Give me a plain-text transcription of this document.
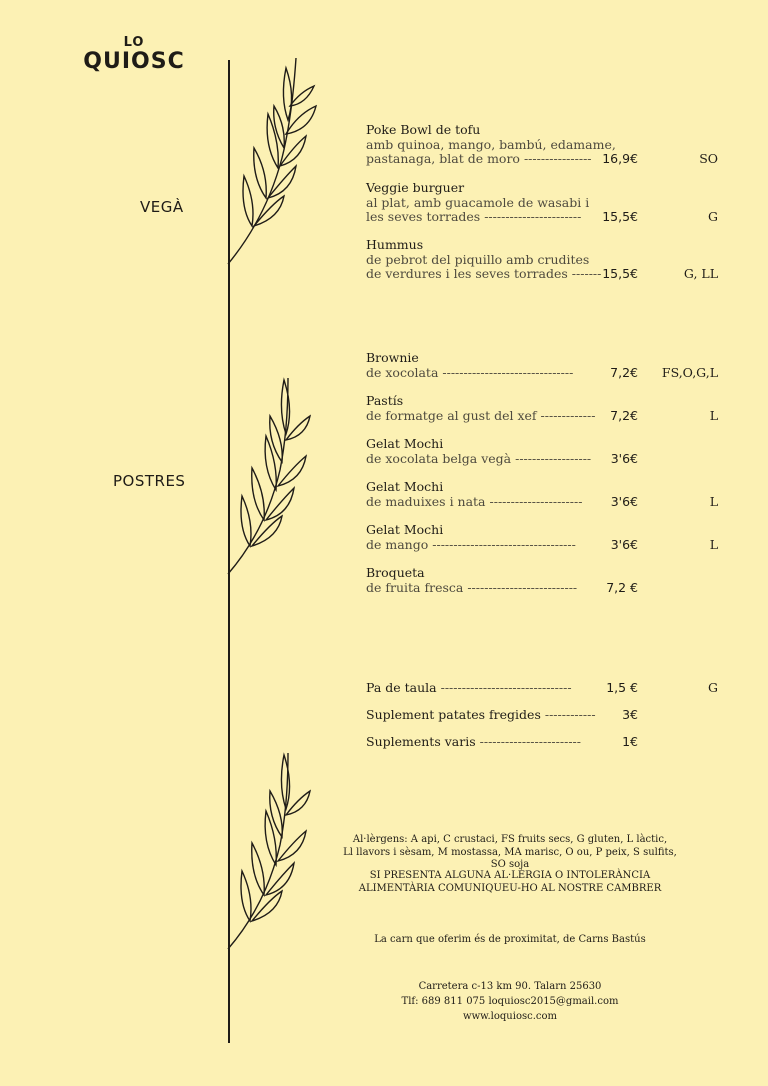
LO
QUIOSC
VEGÀ
POSTRES
Poke Bowl de tofu
amb quinoa, mango, bambú, edamame,
pastanaga, blat de moro ---------------- 16,9€	SO
Veggie burguer
al plat, amb guacamole de wasabi i
les seves torrades ----------------------- 15,5€	G
Hummus
de pebrot del piquillo amb crudites
de verdures i les seves torrades ------- 15,5€	G, LL
Brownie
de xocolata -------------------------------	7,2€ FS,O,G,L
Pastís
de formatge al gust del xef ------------- 7,2€	L
Gelat Mochi
de xocolata belga vegà ------------------ 3'6€
Gelat Mochi
de maduixes i nata ---------------------- 3'6€	L
Gelat Mochi
de mango ----------------------------------	3'6€	L
Broqueta
de fruita fresca -------------------------- 7,2 €
Pa de taula -------------------------------	1,5 €	G
Suplement patates fregides ------------ 3€
Suplements varis ------------------------	1€
Al·lèrgens: A api, C crustaci, FS fruits secs, G gluten, L làctic,
Ll llavors i sèsam, M mostassa, MA marisc, O ou, P peix, S sulfits, SO soja
SI PRESENTA ALGUNA AL·LÈRGIA O INTOLERÀNCIA
ALIMENTÀRIA COMUNIQUEU-HO AL NOSTRE CAMBRER
La carn que oferim és de proximitat, de Carns Bastús
Carretera c-13 km 90. Talarn 25630
Tlf: 689 811 075 loquiosc2015@gmail.com
www.loquiosc.com
